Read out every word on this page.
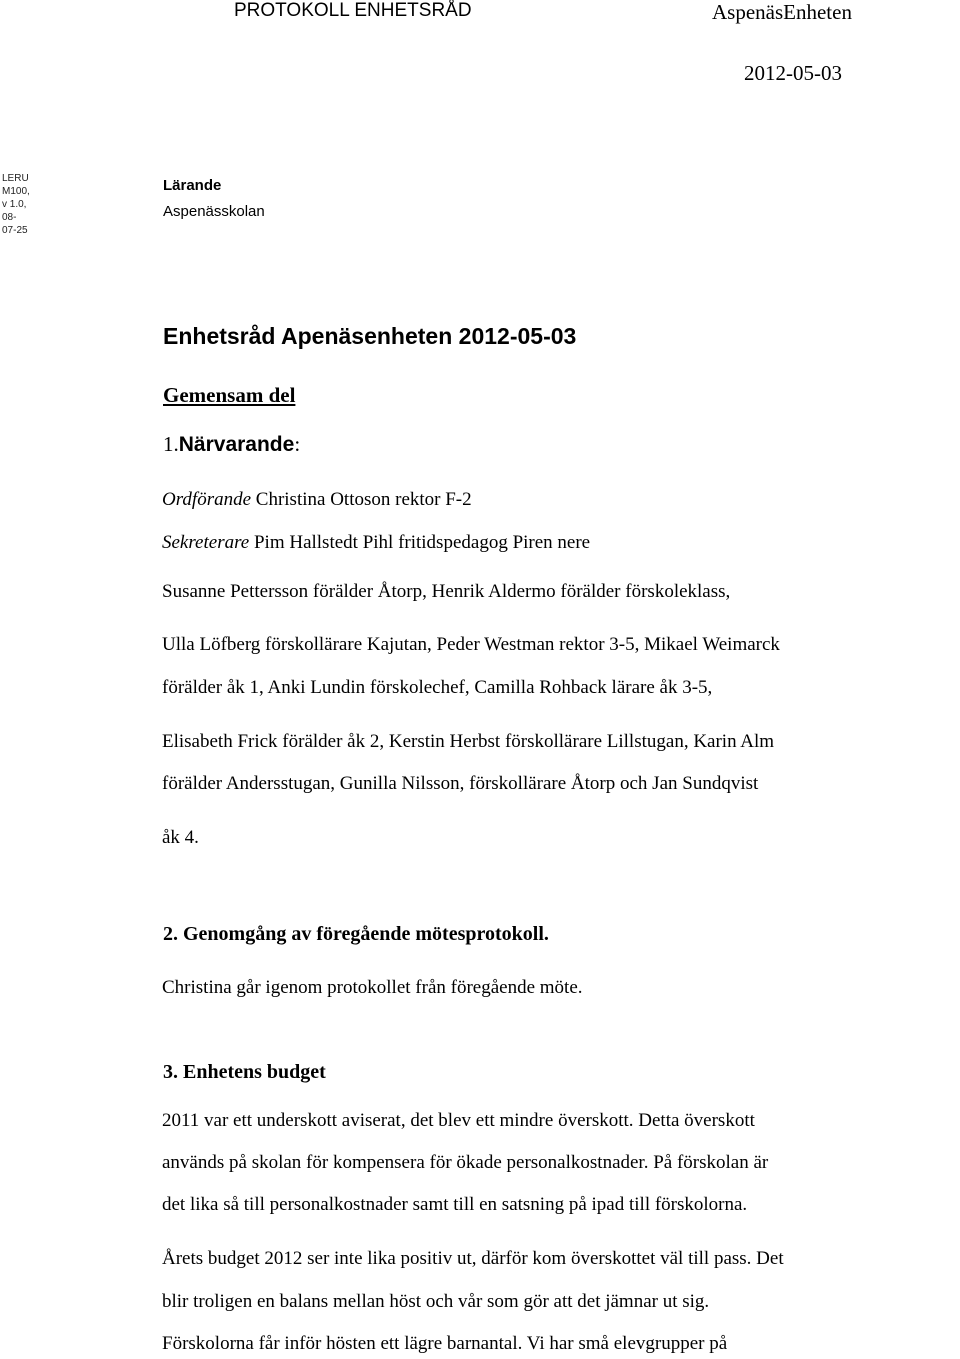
PROTOKOLL ENHETSRÅD	AspenäsEnheten
2012-05-03
LERU
M100,
v 1.0,
08-
07-25
Lärande
Aspenässkolan
Enhetsråd Apenäsenheten 2012-05-03
Gemensam del
1.Närvarande:
Ordförande Christina Ottoson rektor F-2
Sekreterare Pim Hallstedt Pihl fritidspedagog Piren nere
Susanne Pettersson förälder Åtorp, Henrik Aldermo förälder förskoleklass,
Ulla Löfberg förskollärare Kajutan, Peder Westman rektor 3-5, Mikael Weimarck
förälder åk 1, Anki Lundin förskolechef, Camilla Rohback lärare åk 3-5,
Elisabeth Frick förälder åk 2, Kerstin Herbst förskollärare Lillstugan, Karin Alm
förälder Andersstugan, Gunilla Nilsson, förskollärare Åtorp och Jan Sundqvist
åk 4.
2. Genomgång av föregående mötesprotokoll.
Christina går igenom protokollet från föregående möte.
3. Enhetens budget
2011 var ett underskott aviserat, det blev ett mindre överskott. Detta överskott
används på skolan för kompensera för ökade personalkostnader. På förskolan är
det lika så till personalkostnader samt till en satsning på ipad till förskolorna.
Årets budget 2012 ser inte lika positiv ut, därför kom överskottet väl till pass. Det
blir troligen en balans mellan höst och vår som gör att det jämnar ut sig.
Förskolorna får inför hösten ett lägre barnantal. Vi har små elevgrupper på
